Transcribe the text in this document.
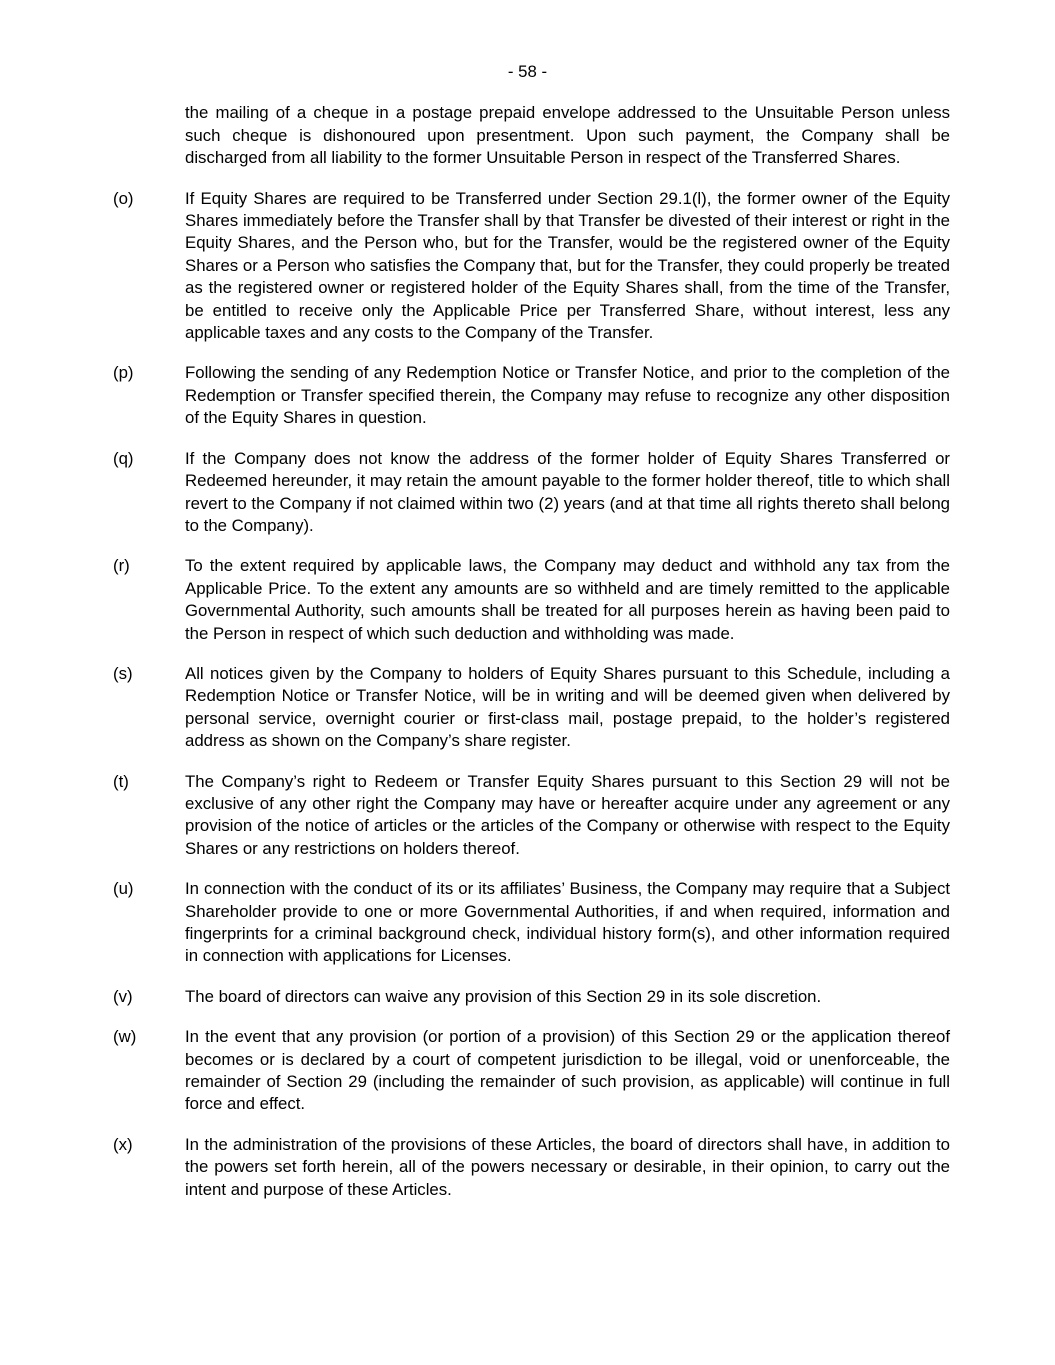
- 58 -

the mailing of a cheque in a postage prepaid envelope addressed to the Unsuitable Person unless such cheque is dishonoured upon presentment. Upon such payment, the Company shall be discharged from all liability to the former Unsuitable Person in respect of the Transferred Shares.

(o)	If Equity Shares are required to be Transferred under Section 29.1(l), the former owner of the Equity Shares immediately before the Transfer shall by that Transfer be divested of their interest or right in the Equity Shares, and the Person who, but for the Transfer, would be the registered owner of the Equity Shares or a Person who satisfies the Company that, but for the Transfer, they could properly be treated as the registered owner or registered holder of the Equity Shares shall, from the time of the Transfer, be entitled to receive only the Applicable Price per Transferred Share, without interest, less any applicable taxes and any costs to the Company of the Transfer.
(p)	Following the sending of any Redemption Notice or Transfer Notice, and prior to the completion of the Redemption or Transfer specified therein, the Company may refuse to recognize any other disposition of the Equity Shares in question.
(q)	If the Company does not know the address of the former holder of Equity Shares Transferred or Redeemed hereunder, it may retain the amount payable to the former holder thereof, title to which shall revert to the Company if not claimed within two (2) years (and at that time all rights thereto shall belong to the Company).
(r)	To the extent required by applicable laws, the Company may deduct and withhold any tax from the Applicable Price. To the extent any amounts are so withheld and are timely remitted to the applicable Governmental Authority, such amounts shall be treated for all purposes herein as having been paid to the Person in respect of which such deduction and withholding was made.
(s)	All notices given by the Company to holders of Equity Shares pursuant to this Schedule, including a Redemption Notice or Transfer Notice, will be in writing and will be deemed given when delivered by personal service, overnight courier or first-class mail, postage prepaid, to the holder’s registered address as shown on the Company’s share register.
(t)	The Company’s right to Redeem or Transfer Equity Shares pursuant to this Section 29 will not be exclusive of any other right the Company may have or hereafter acquire under any agreement or any provision of the notice of articles or the articles of the Company or otherwise with respect to the Equity Shares or any restrictions on holders thereof.
(u)	In connection with the conduct of its or its affiliates’ Business, the Company may require that a Subject Shareholder provide to one or more Governmental Authorities, if and when required, information and fingerprints for a criminal background check, individual history form(s), and other information required in connection with applications for Licenses.
(v)	The board of directors can waive any provision of this Section 29 in its sole discretion.
(w)	In the event that any provision (or portion of a provision) of this Section 29 or the application thereof becomes or is declared by a court of competent jurisdiction to be illegal, void or unenforceable, the remainder of Section 29 (including the remainder of such provision, as applicable) will continue in full force and effect.
(x)	In the administration of the provisions of these Articles, the board of directors shall have, in addition to the powers set forth herein, all of the powers necessary or desirable, in their opinion, to carry out the intent and purpose of these Articles.
